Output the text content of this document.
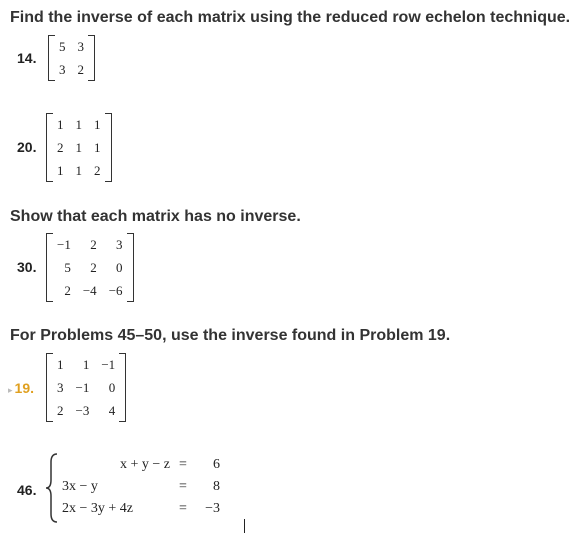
Find the inverse of each matrix using the reduced row echelon technique.
14.
5	3
3	2
20.
1	1	1
2	1	1
1	1	2
Show that each matrix has no inverse.
30.
−1	2	3
5	2	0
2	−4	−6
For Problems 45–50, use the inverse found in Problem 19.
▸ 19.
1	1	−1
3	−1	0
2	−3	4
46.
x + y − z	=	6
3x − y	=	8
2x − 3y + 4z	=	−3
